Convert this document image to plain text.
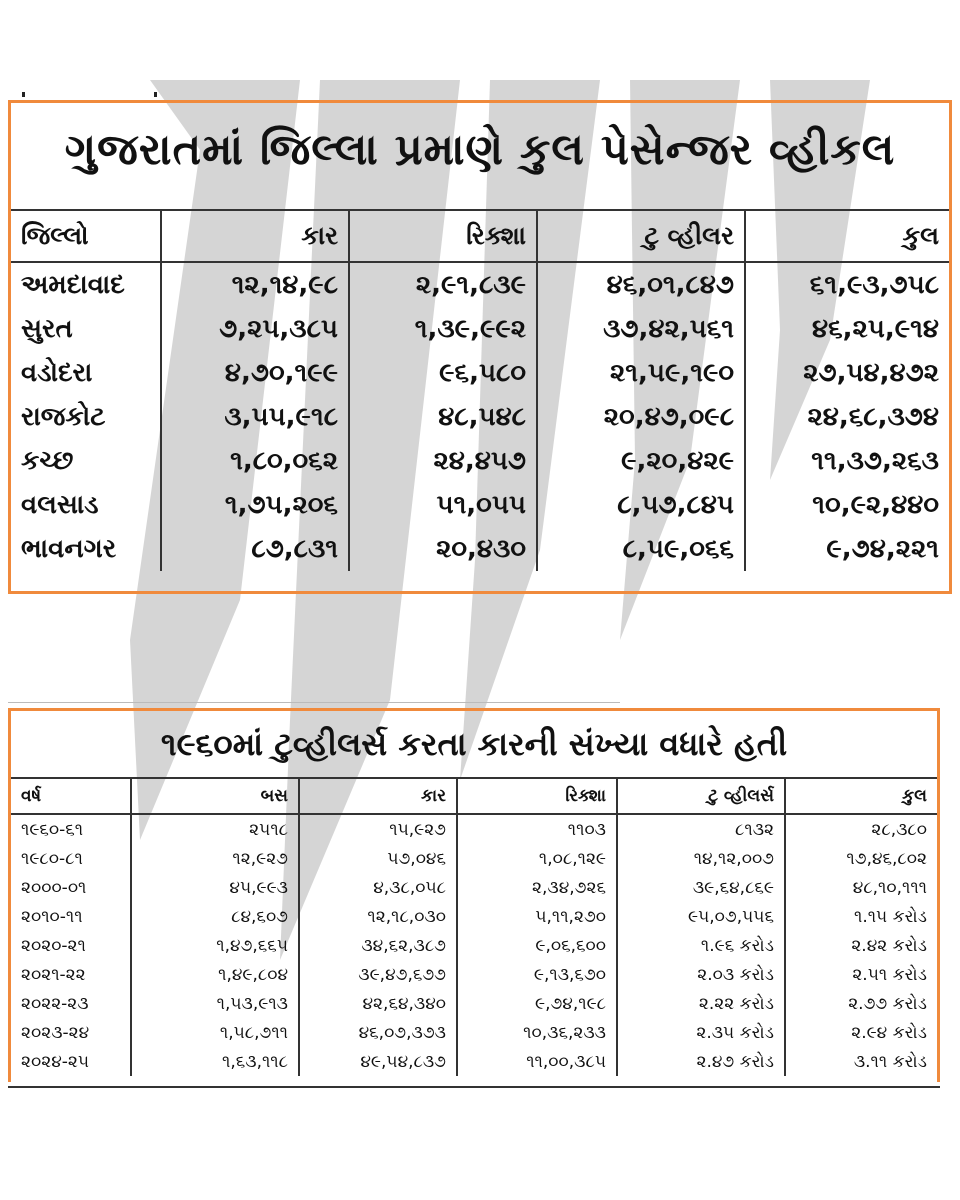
ગુજરાતમાં જિલ્લા પ્રમાણે કુલ પેસેન્જર વ્હીકલ
જિલ્લો	કાર	રિક્શા	ટુ વ્હીલર	કુલ
અમદાવાદ	૧૨,૧૪,૯૮	૨,૯૧,૮૩૯	૪૬,૦૧,૮૪૭	૬૧,૯૩,૭૫૮
સુરત	૭,૨૫,૩૮૫	૧,૩૯,૯૯૨	૩૭,૪૨,૫૬૧	૪૬,૨૫,૯૧૪
વડોદરા	૪,૭૦,૧૯૯	૯૬,૫૮૦	૨૧,૫૯,૧૯૦	૨૭,૫૪,૪૭૨
રાજકોટ	૩,૫૫,૯૧૮	૪૮,૫૪૮	૨૦,૪૭,૦૯૮	૨૪,૬૮,૩૭૪
કચ્છ	૧,૮૦,૦૬૨	૨૪,૪૫૭	૯,૨૦,૪૨૯	૧૧,૩૭,૨૬૩
વલસાડ	૧,૭૫,૨૦૬	૫૧,૦૫૫	૮,૫૭,૮૪૫	૧૦,૯૨,૪૪૦
ભાવનગર	૮૭,૮૩૧	૨૦,૪૩૦	૮,૫૯,૦૬૬	૯,૭૪,૨૨૧
૧૯૬૦માં ટુવ્હીલર્સ કરતા કારની સંખ્યા વધારે હતી
વર્ષ	બસ	કાર	રિક્શા	ટુ વ્હીલર્સ	કુલ
૧૯૬૦-૬૧	૨૫૧૮	૧૫,૯૨૭	૧૧૦૩	૮૧૩૨	૨૮,૩૮૦
૧૯૮૦-૮૧	૧૨,૯૨૭	૫૭,૦૪૬	૧,૦૮,૧૨૯	૧૪,૧૨,૦૦૭	૧૭,૪૬,૮૦૨
૨૦૦૦-૦૧	૪૫,૯૯૩	૪,૩૮,૦૫૮	૨,૩૪,૭૨૬	૩૯,૬૪,૮૬૯	૪૮,૧૦,૧૧૧
૨૦૧૦-૧૧	૮૪,૬૦૭	૧૨,૧૮,૦૩૦	૫,૧૧,૨૭૦	૯૫,૦૭,૫૫૬	૧.૧૫ કરોડ
૨૦૨૦-૨૧	૧,૪૭,૬૬૫	૩૪,૬૨,૩૮૭	૯,૦૬,૬૦૦	૧.૯૬ કરોડ	૨.૪૨ કરોડ
૨૦૨૧-૨૨	૧,૪૯,૮૦૪	૩૯,૪૭,૬૭૭	૯,૧૩,૬૭૦	૨.૦૩ કરોડ	૨.૫૧ કરોડ
૨૦૨૨-૨૩	૧,૫૩,૯૧૩	૪૨,૬૪,૩૪૦	૯,૭૪,૧૯૮	૨.૨૨ કરોડ	૨.૭૭ કરોડ
૨૦૨૩-૨૪	૧,૫૮,૭૧૧	૪૬,૦૭,૩૭૩	૧૦,૩૬,૨૩૩	૨.૩૫ કરોડ	૨.૯૪ કરોડ
૨૦૨૪-૨૫	૧,૬૩,૧૧૮	૪૯,૫૪,૮૩૭	૧૧,૦૦,૩૮૫	૨.૪૭ કરોડ	૩.૧૧ કરોડ
